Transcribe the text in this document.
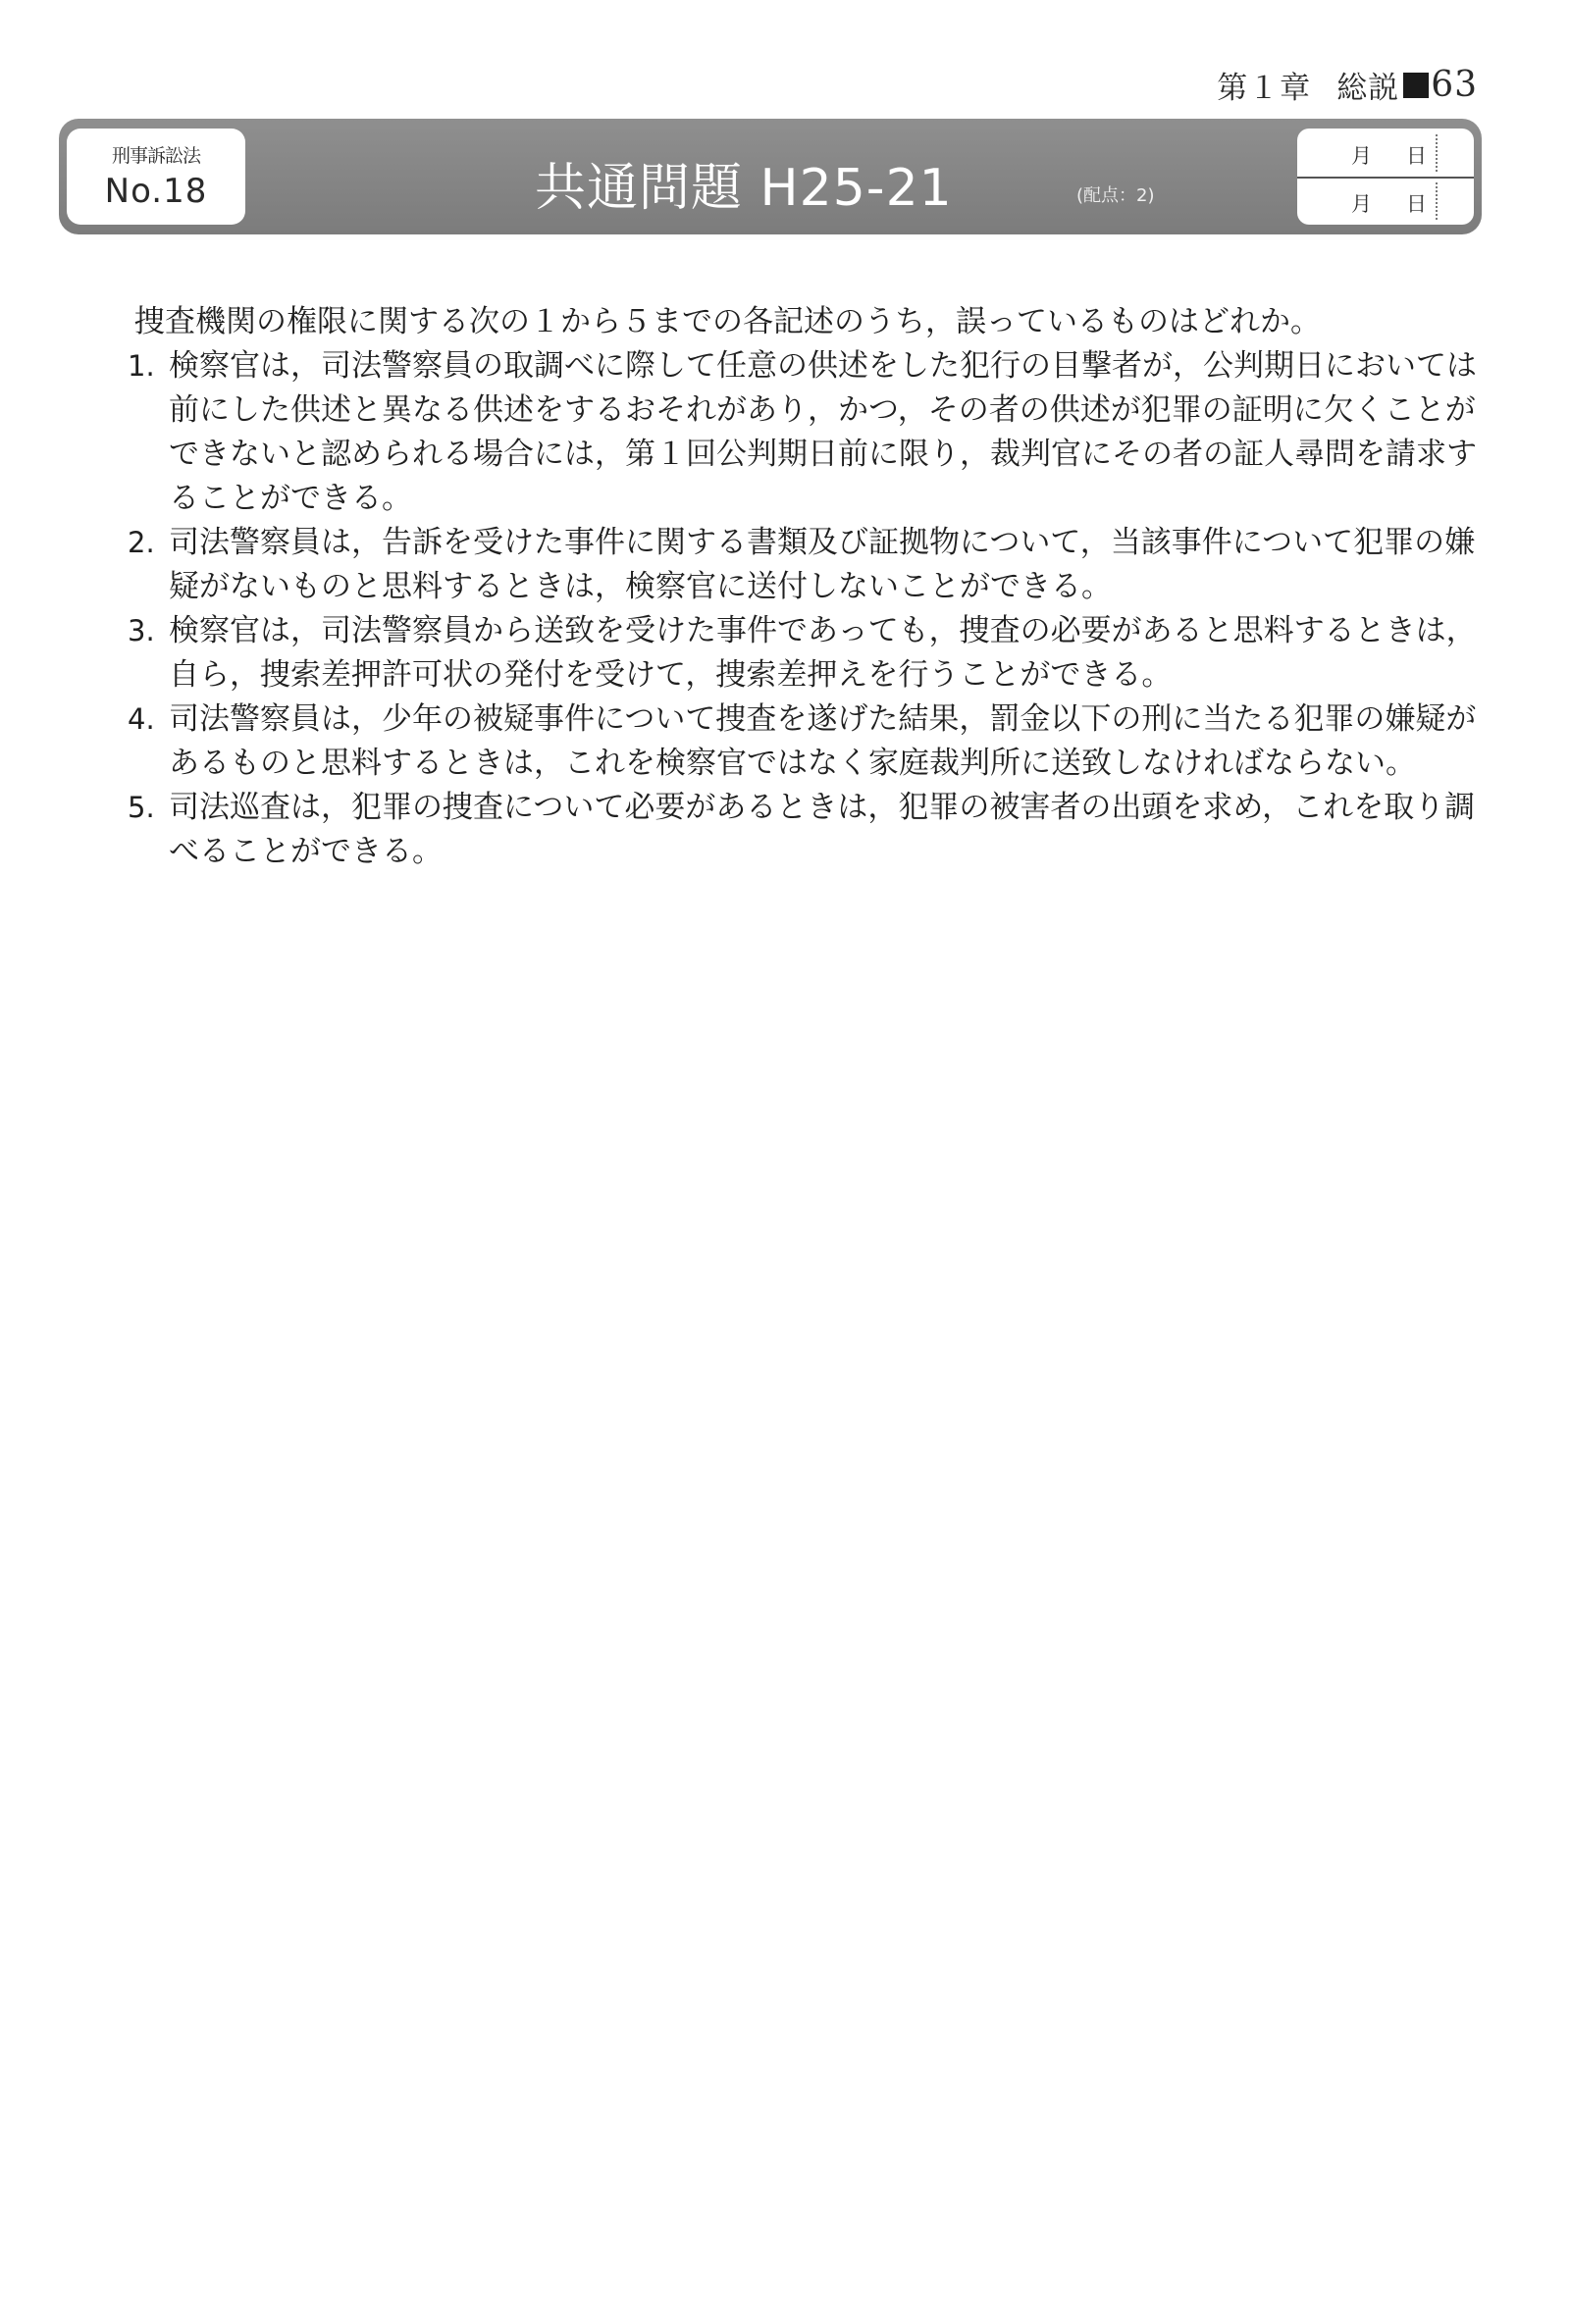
第１章 総説 63
刑事訴訟法
No.18	共通問題 H25-21	(配点：2)
月 日
月 日

捜査機関の権限に関する次の１から５までの各記述のうち，誤っているものはどれか。

1. 検察官は，司法警察員の取調べに際して任意の供述をした犯行の目撃者が，公判期日においては前にした供述と異なる供述をするおそれがあり，かつ，その者の供述が犯罪の証明に欠くことができないと認められる場合には，第１回公判期日前に限り，裁判官にその者の証人尋問を請求することができる。
2. 司法警察員は，告訴を受けた事件に関する書類及び証拠物について，当該事件について犯罪の嫌疑がないものと思料するときは，検察官に送付しないことができる。
3. 検察官は，司法警察員から送致を受けた事件であっても，捜査の必要があると思料するときは，自ら，捜索差押許可状の発付を受けて，捜索差押えを行うことができる。
4. 司法警察員は，少年の被疑事件について捜査を遂げた結果，罰金以下の刑に当たる犯罪の嫌疑があるものと思料するときは，これを検察官ではなく家庭裁判所に送致しなければならない。
5. 司法巡査は，犯罪の捜査について必要があるときは，犯罪の被害者の出頭を求め，これを取り調べることができる。
